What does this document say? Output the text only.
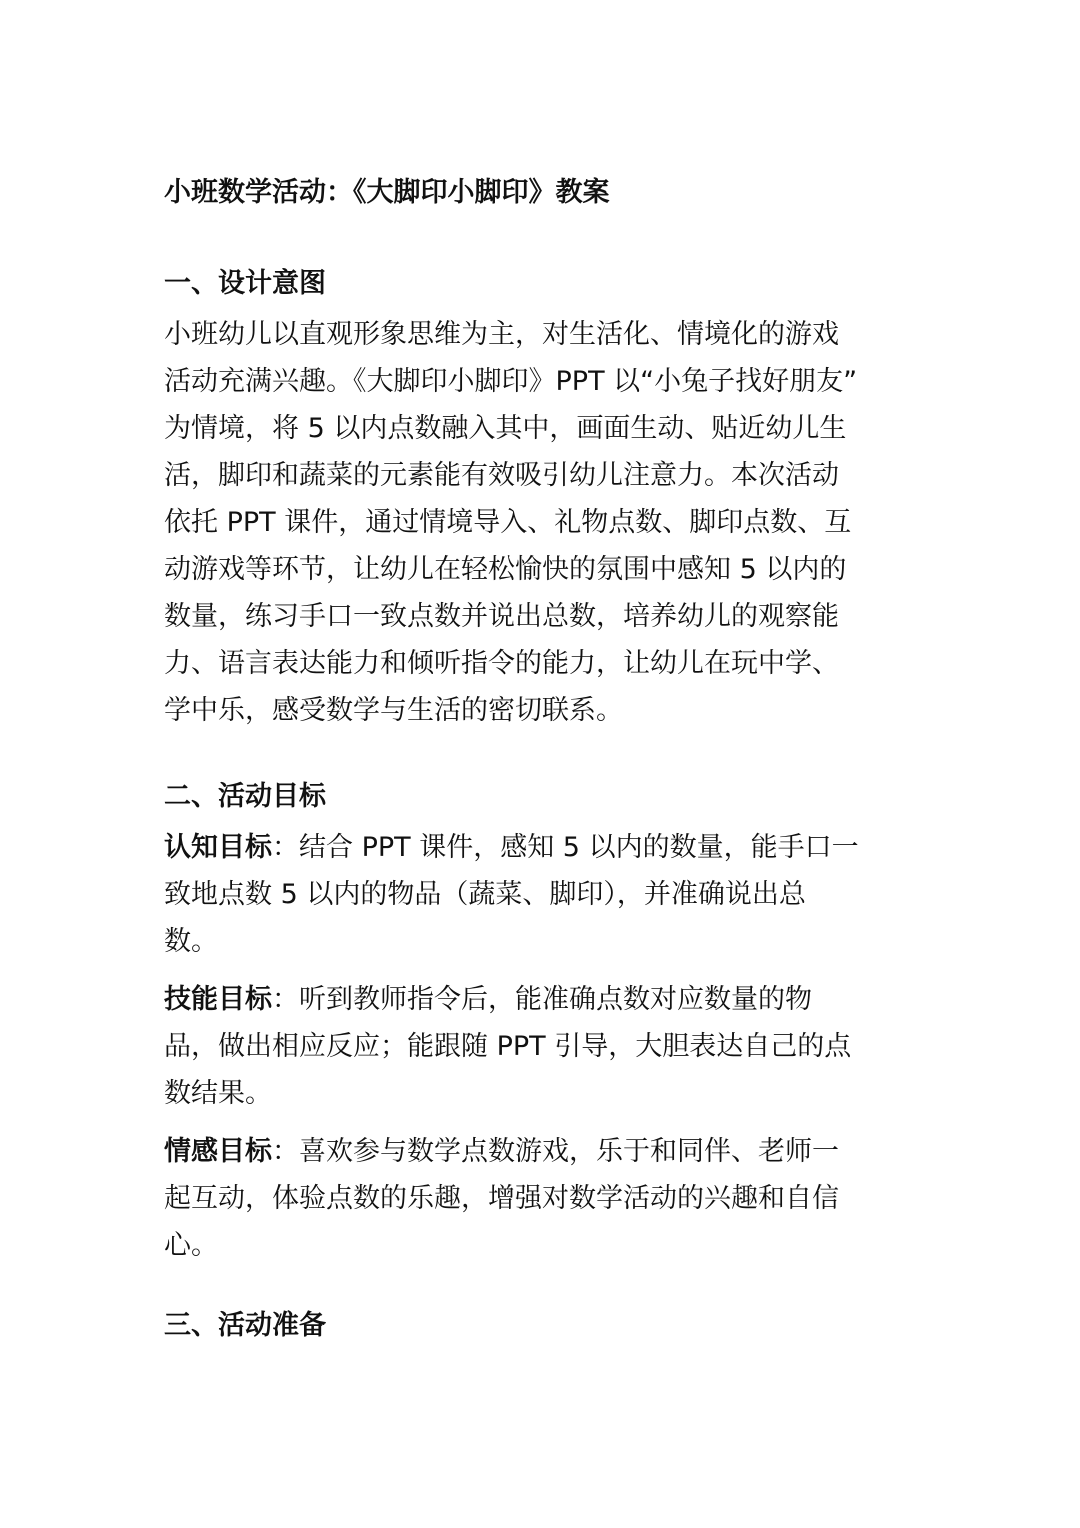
小班数学活动：《大脚印小脚印》教案
一、设计意图

小班幼儿以直观形象思维为主，对生活化、情境化的游戏
活动充满兴趣。《大脚印小脚印》PPT 以“小兔子找好朋友”
为情境，将 5 以内点数融入其中，画面生动、贴近幼儿生
活，脚印和蔬菜的元素能有效吸引幼儿注意力。本次活动
依托 PPT 课件，通过情境导入、礼物点数、脚印点数、互
动游戏等环节，让幼儿在轻松愉快的氛围中感知 5 以内的
数量，练习手口一致点数并说出总数，培养幼儿的观察能
力、语言表达能力和倾听指令的能力，让幼儿在玩中学、
学中乐，感受数学与生活的密切联系。

二、活动目标

认知目标：结合 PPT 课件，感知 5 以内的数量，能手口一
致地点数 5 以内的物品（蔬菜、脚印），并准确说出总
数。

技能目标：听到教师指令后，能准确点数对应数量的物
品，做出相应反应；能跟随 PPT 引导，大胆表达自己的点
数结果。

情感目标：喜欢参与数学点数游戏，乐于和同伴、老师一
起互动，体验点数的乐趣，增强对数学活动的兴趣和自信
心。

三、活动准备
